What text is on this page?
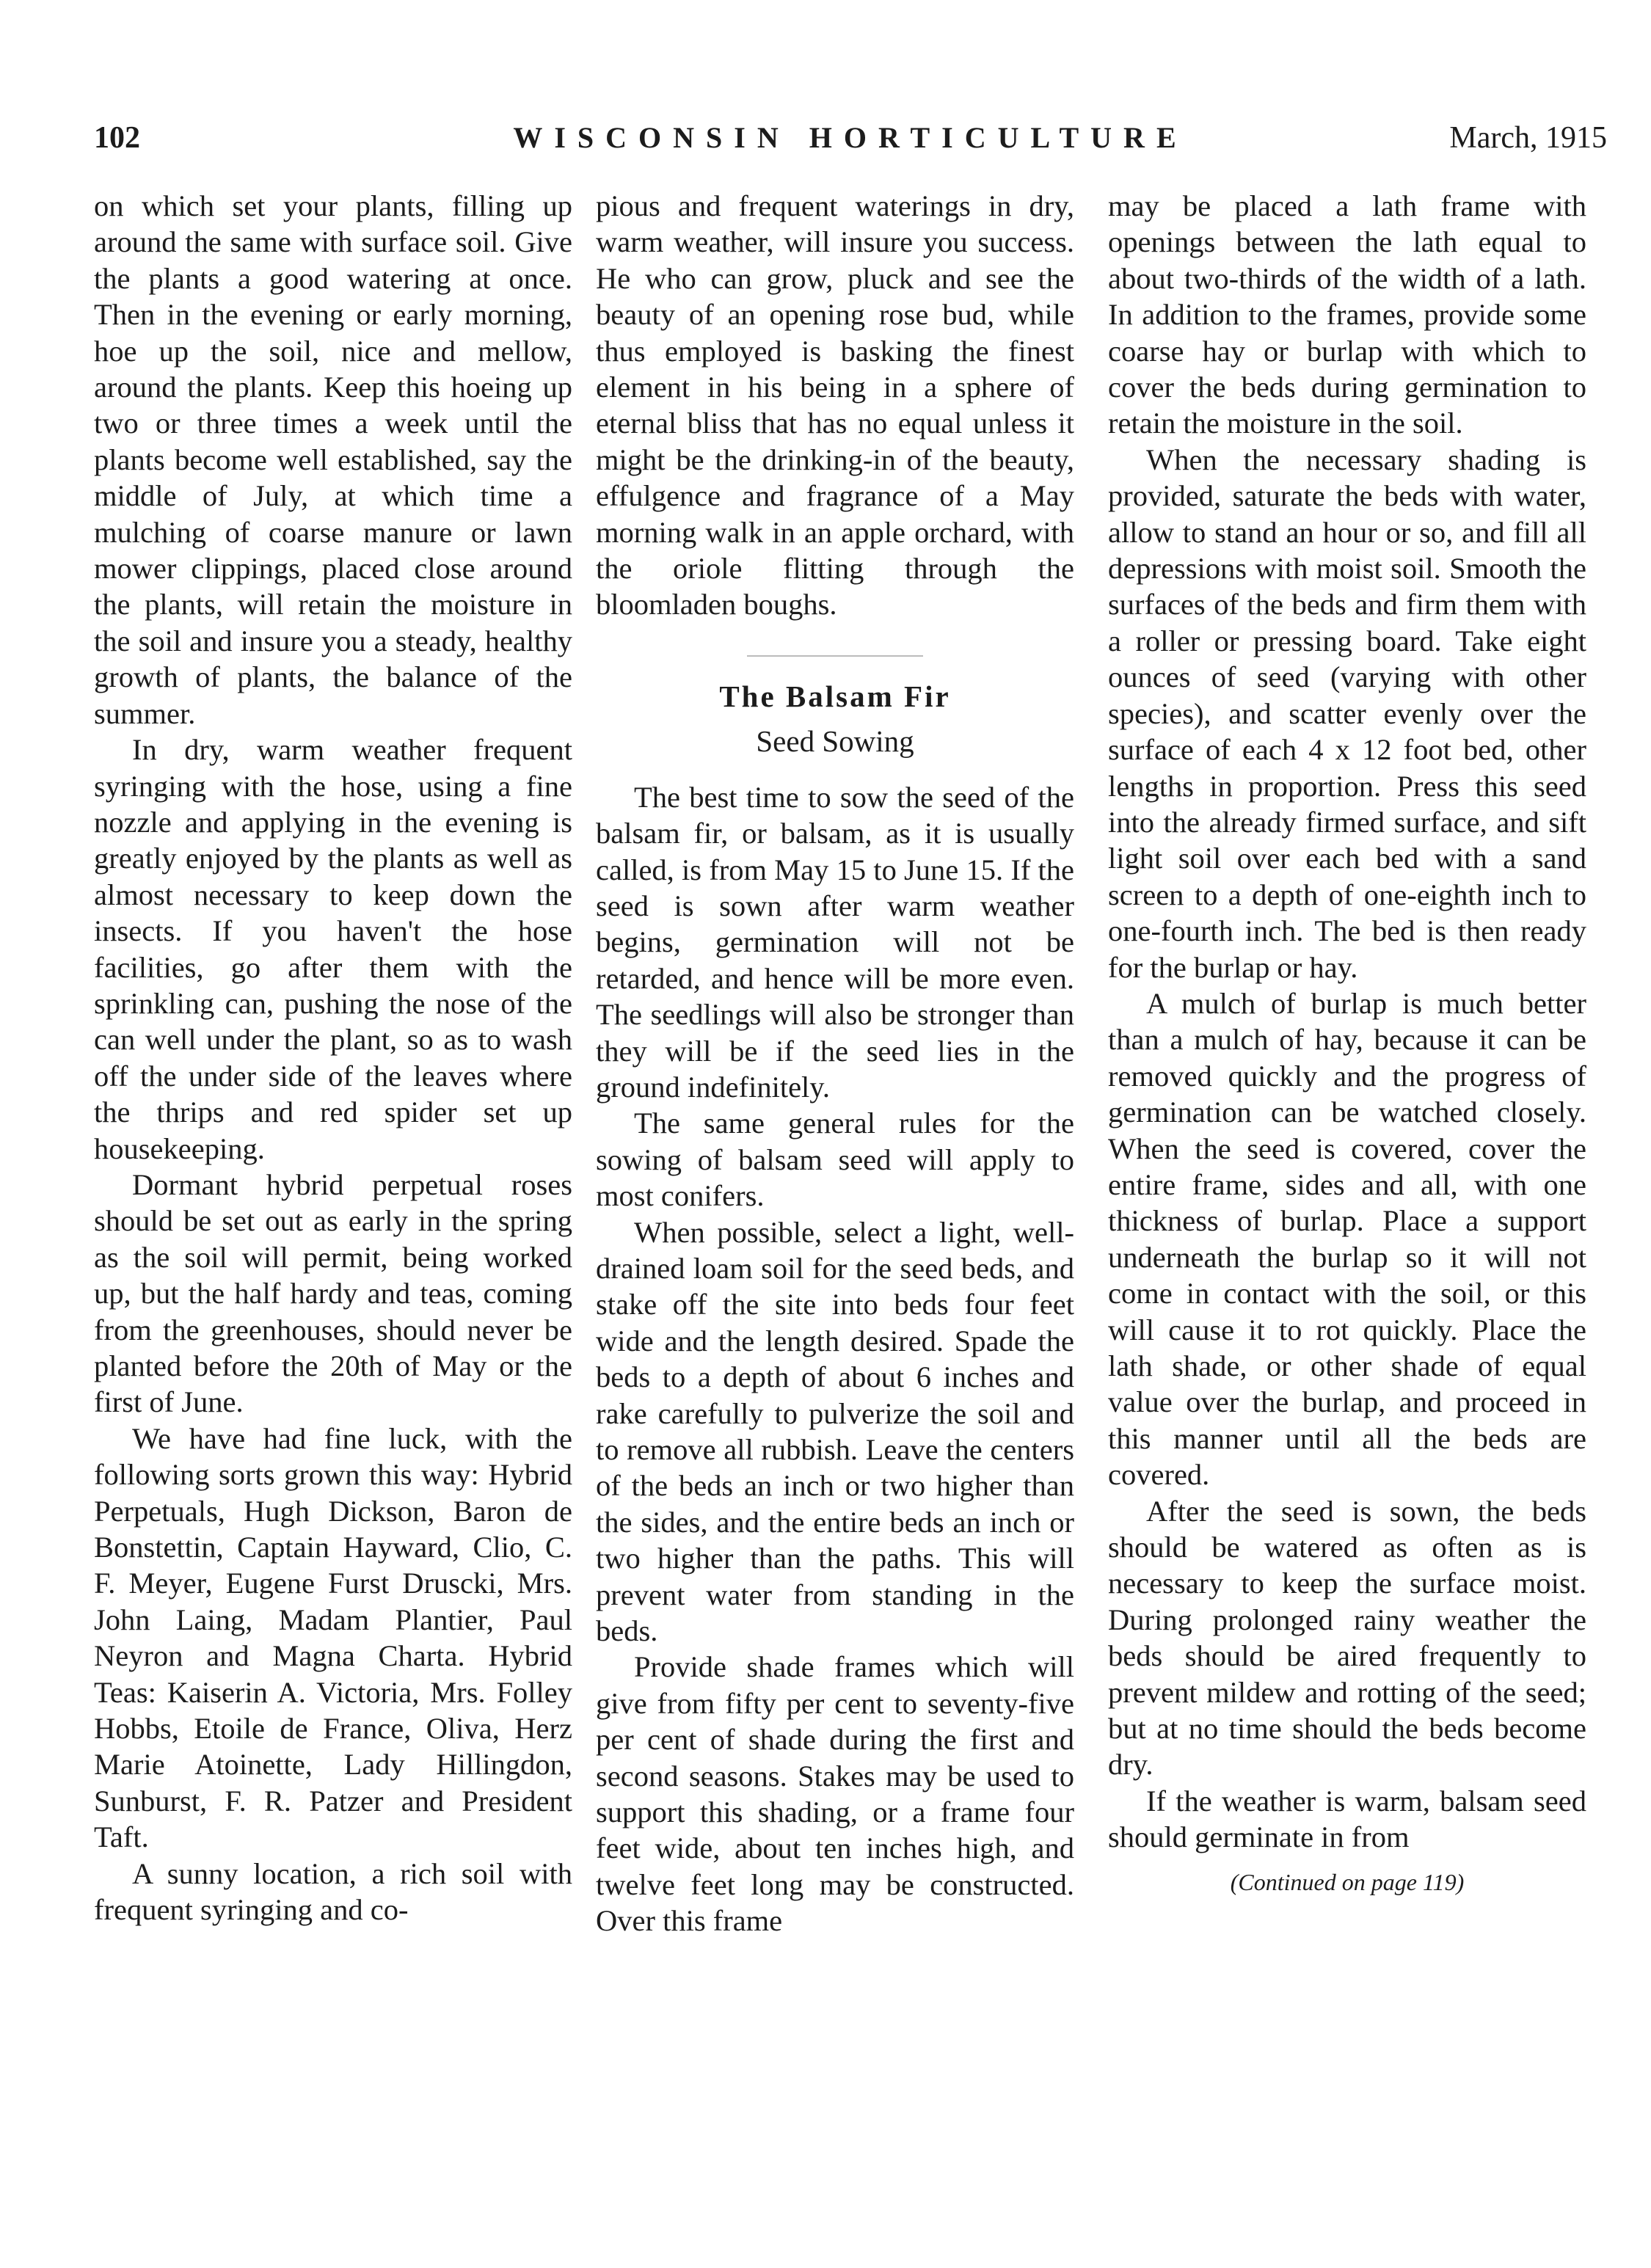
102	WISCONSIN HORTICULTURE	March, 1915

on which set your plants, filling up around the same with surface soil. Give the plants a good watering at once. Then in the evening or early morning, hoe up the soil, nice and mellow, around the plants. Keep this hoeing up two or three times a week until the plants become well established, say the middle of July, at which time a mulching of coarse manure or lawn mower clippings, placed close around the plants, will retain the moisture in the soil and insure you a steady, healthy growth of plants, the balance of the summer.

In dry, warm weather frequent syringing with the hose, using a fine nozzle and applying in the evening is greatly enjoyed by the plants as well as almost necessary to keep down the insects. If you haven't the hose facilities, go after them with the sprinkling can, pushing the nose of the can well under the plant, so as to wash off the under side of the leaves where the thrips and red spider set up housekeeping.

Dormant hybrid perpetual roses should be set out as early in the spring as the soil will permit, being worked up, but the half hardy and teas, coming from the greenhouses, should never be planted before the 20th of May or the first of June.

We have had fine luck, with the following sorts grown this way: Hybrid Perpetuals, Hugh Dickson, Baron de Bonstettin, Captain Hayward, Clio, C. F. Meyer, Eugene Furst Druscki, Mrs. John Laing, Madam Plantier, Paul Neyron and Magna Charta. Hybrid Teas: Kaiserin A. Victoria, Mrs. Folley Hobbs, Etoile de France, Oliva, Herz Marie Atoinette, Lady Hillingdon, Sunburst, F. R. Patzer and President Taft.

A sunny location, a rich soil with frequent syringing and co-

pious and frequent waterings in dry, warm weather, will insure you success. He who can grow, pluck and see the beauty of an opening rose bud, while thus employed is basking the finest element in his being in a sphere of eternal bliss that has no equal unless it might be the drinking-in of the beauty, effulgence and fragrance of a May morning walk in an apple orchard, with the oriole flitting through the bloomladen boughs.

The Balsam Fir
Seed Sowing

The best time to sow the seed of the balsam fir, or balsam, as it is usually called, is from May 15 to June 15. If the seed is sown after warm weather begins, germination will not be retarded, and hence will be more even. The seedlings will also be stronger than they will be if the seed lies in the ground indefinitely.

The same general rules for the sowing of balsam seed will apply to most conifers.

When possible, select a light, well-drained loam soil for the seed beds, and stake off the site into beds four feet wide and the length desired. Spade the beds to a depth of about 6 inches and rake carefully to pulverize the soil and to remove all rubbish. Leave the centers of the beds an inch or two higher than the sides, and the entire beds an inch or two higher than the paths. This will prevent water from standing in the beds.

Provide shade frames which will give from fifty per cent to seventy-five per cent of shade during the first and second seasons. Stakes may be used to support this shading, or a frame four feet wide, about ten inches high, and twelve feet long may be constructed. Over this frame

may be placed a lath frame with openings between the lath equal to about two-thirds of the width of a lath. In addition to the frames, provide some coarse hay or burlap with which to cover the beds during germination to retain the moisture in the soil.

When the necessary shading is provided, saturate the beds with water, allow to stand an hour or so, and fill all depressions with moist soil. Smooth the surfaces of the beds and firm them with a roller or pressing board. Take eight ounces of seed (varying with other species), and scatter evenly over the surface of each 4 x 12 foot bed, other lengths in proportion. Press this seed into the already firmed surface, and sift light soil over each bed with a sand screen to a depth of one-eighth inch to one-fourth inch. The bed is then ready for the burlap or hay.

A mulch of burlap is much better than a mulch of hay, because it can be removed quickly and the progress of germination can be watched closely. When the seed is covered, cover the entire frame, sides and all, with one thickness of burlap. Place a support underneath the burlap so it will not come in contact with the soil, or this will cause it to rot quickly. Place the lath shade, or other shade of equal value over the burlap, and proceed in this manner until all the beds are covered.

After the seed is sown, the beds should be watered as often as is necessary to keep the surface moist. During prolonged rainy weather the beds should be aired frequently to prevent mildew and rotting of the seed; but at no time should the beds become dry.

If the weather is warm, balsam seed should germinate in from

(Continued on page 119)
